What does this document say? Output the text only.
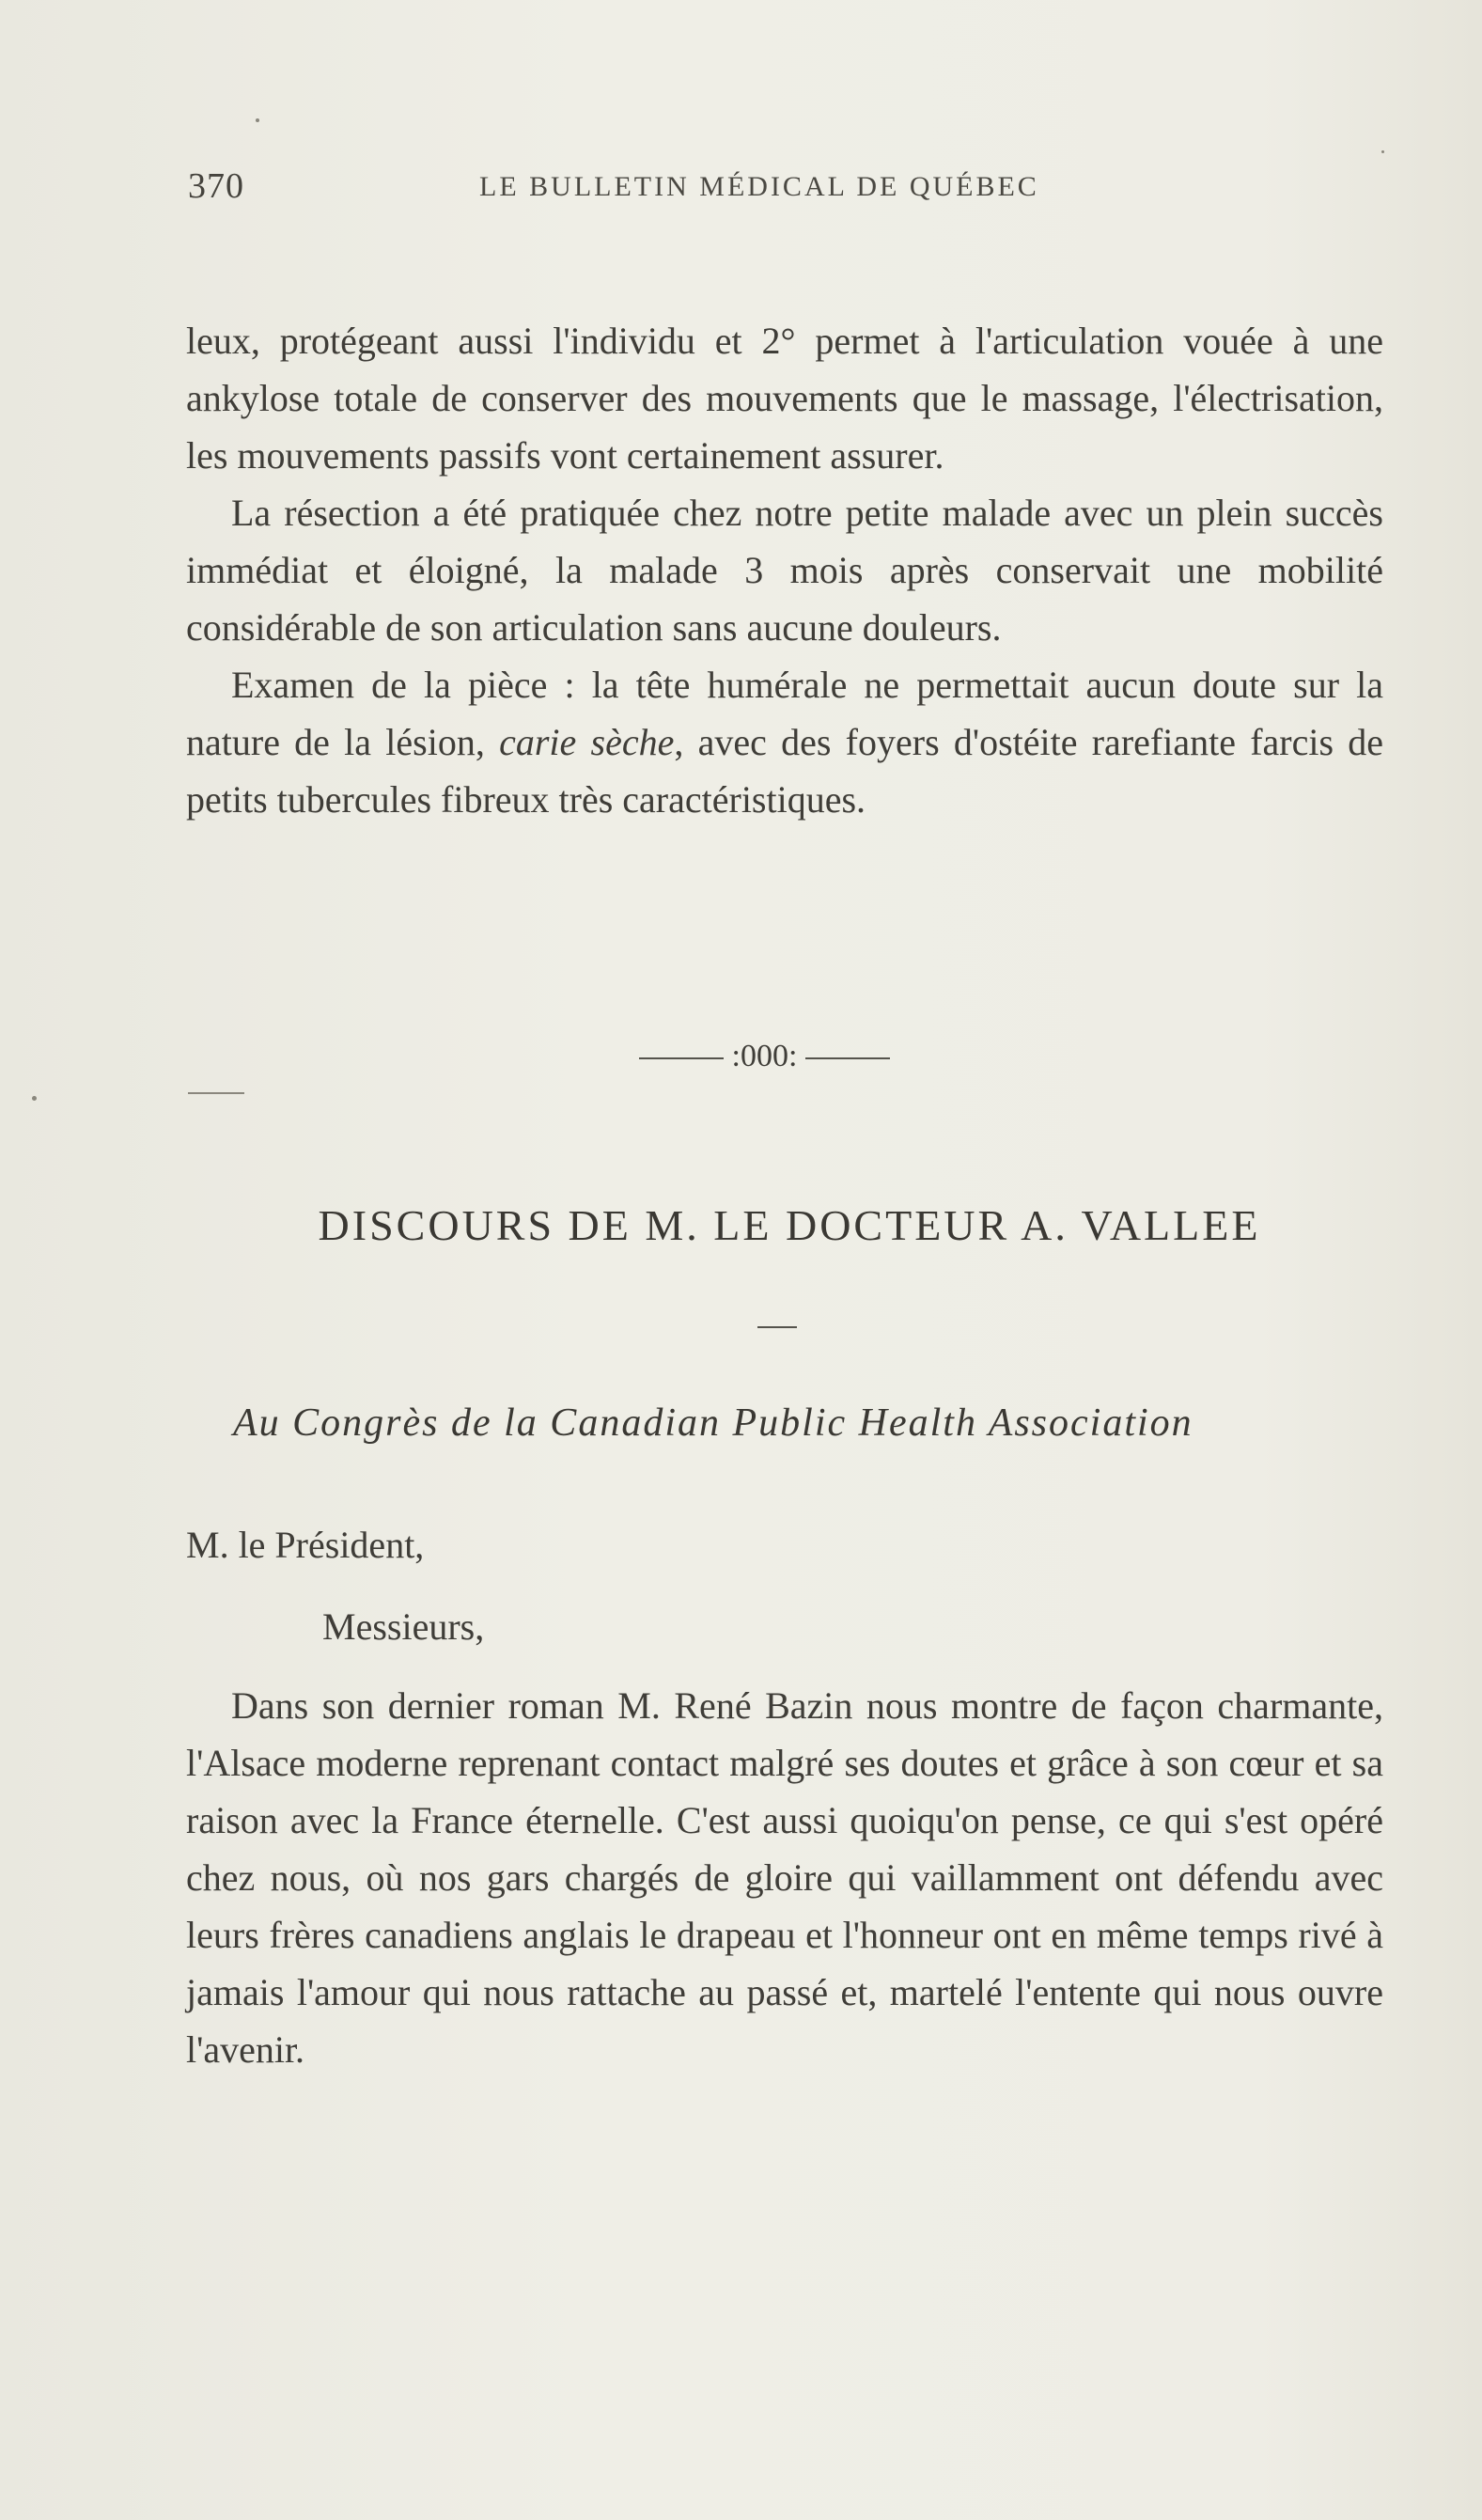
370	LE BULLETIN MÉDICAL DE QUÉBEC

leux, protégeant aussi l'individu et 2° permet à l'articulation vouée à une ankylose totale de conserver des mouvements que le massage, l'électrisation, les mouvements passifs vont certainement assurer.

La résection a été pratiquée chez notre petite malade avec un plein succès immédiat et éloigné, la malade 3 mois après conservait une mobilité considérable de son articulation sans aucune douleurs.

Examen de la pièce : la tête humérale ne permettait aucun doute sur la nature de la lésion, carie sèche, avec des foyers d'ostéite rarefiante farcis de petits tubercules fibreux très caractéristiques.

:000:
DISCOURS DE M. LE DOCTEUR A. VALLEE
Au Congrès de la Canadian Public Health Association
M. le Président,
Messieurs,

Dans son dernier roman M. René Bazin nous montre de façon charmante, l'Alsace moderne reprenant contact malgré ses doutes et grâce à son cœur et sa raison avec la France éternelle. C'est aussi quoiqu'on pense, ce qui s'est opéré chez nous, où nos gars chargés de gloire qui vaillamment ont défendu avec leurs frères canadiens anglais le drapeau et l'honneur ont en même temps rivé à jamais l'amour qui nous rattache au passé et, martelé l'entente qui nous ouvre l'avenir.
